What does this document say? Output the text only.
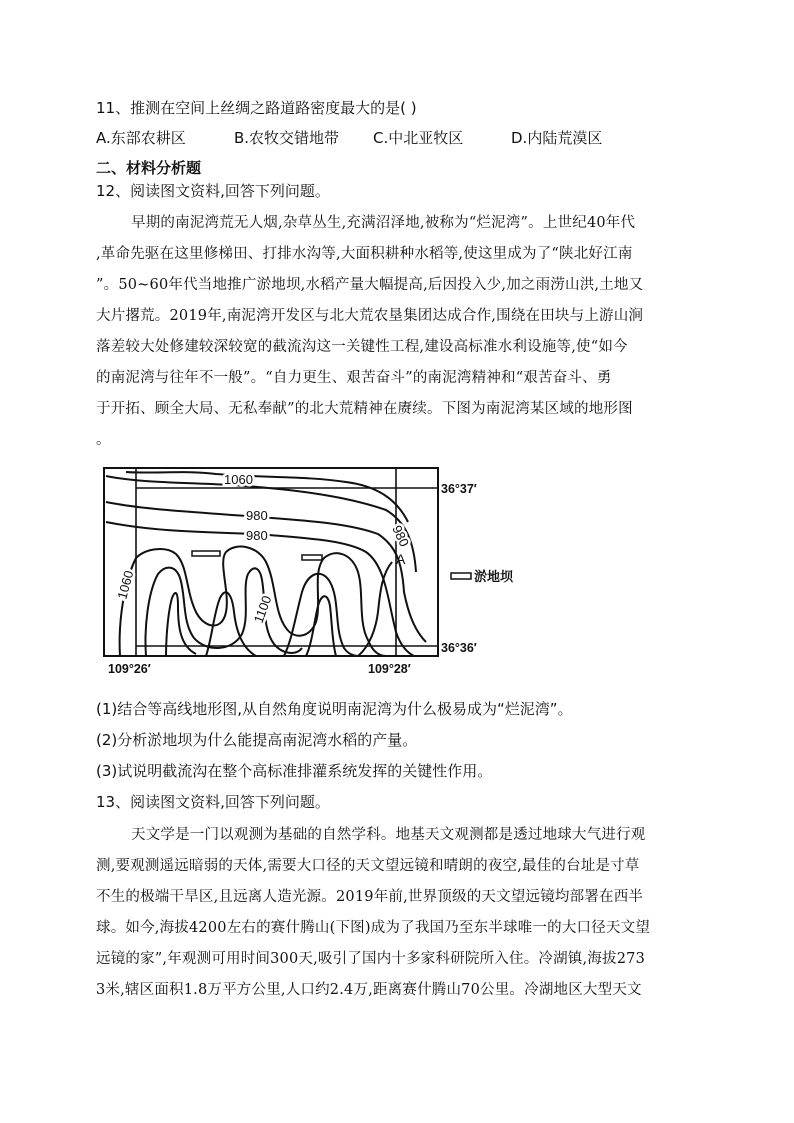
11、推测在空间上丝绸之路道路密度最大的是( )
A.东部农耕区	B.农牧交错地带 C.中北亚牧区	D.内陆荒漠区
二、材料分析题
12、阅读图文资料,回答下列问题。
早期的南泥湾荒无人烟,杂草丛生,充满沼泽地,被称为“烂泥湾”。上世纪40年代
,革命先驱在这里修梯田、打排水沟等,大面积耕种水稻等,使这里成为了“陕北好江南
”。50~60年代当地推广淤地坝,水稻产量大幅提高,后因投入少,加之雨涝山洪,土地又
大片撂荒。2019年,南泥湾开发区与北大荒农垦集团达成合作,围绕在田块与上游山涧
落差较大处修建较深较宽的截流沟这一关键性工程,建设高标准水利设施等,使“如今
的南泥湾与往年不一般”。“自力更生、艰苦奋斗”的南泥湾精神和“艰苦奋斗、勇
于开拓、顾全大局、无私奉献”的北大荒精神在赓续。下图为南泥湾某区域的地形图
。
1060
980
980
1060
1100
980
A
36°37′
36°36′
109°26′	109°28′
淤地坝
(1)结合等高线地形图,从自然角度说明南泥湾为什么极易成为“烂泥湾”。
(2)分析淤地坝为什么能提高南泥湾水稻的产量。
(3)试说明截流沟在整个高标准排灌系统发挥的关键性作用。
13、阅读图文资料,回答下列问题。
天文学是一门以观测为基础的自然学科。地基天文观测都是透过地球大气进行观
测,要观测遥远暗弱的天体,需要大口径的天文望远镜和晴朗的夜空,最佳的台址是寸草
不生的极端干旱区,且远离人造光源。2019年前,世界顶级的天文望远镜均部署在西半
球。如今,海拔4200左右的赛什腾山(下图)成为了我国乃至东半球唯一的大口径天文望
远镜的家”,年观测可用时间300天,吸引了国内十多家科研院所入住。冷湖镇,海拔273
3米,辖区面积1.8万平方公里,人口约2.4万,距离赛什腾山70公里。冷湖地区大型天文
